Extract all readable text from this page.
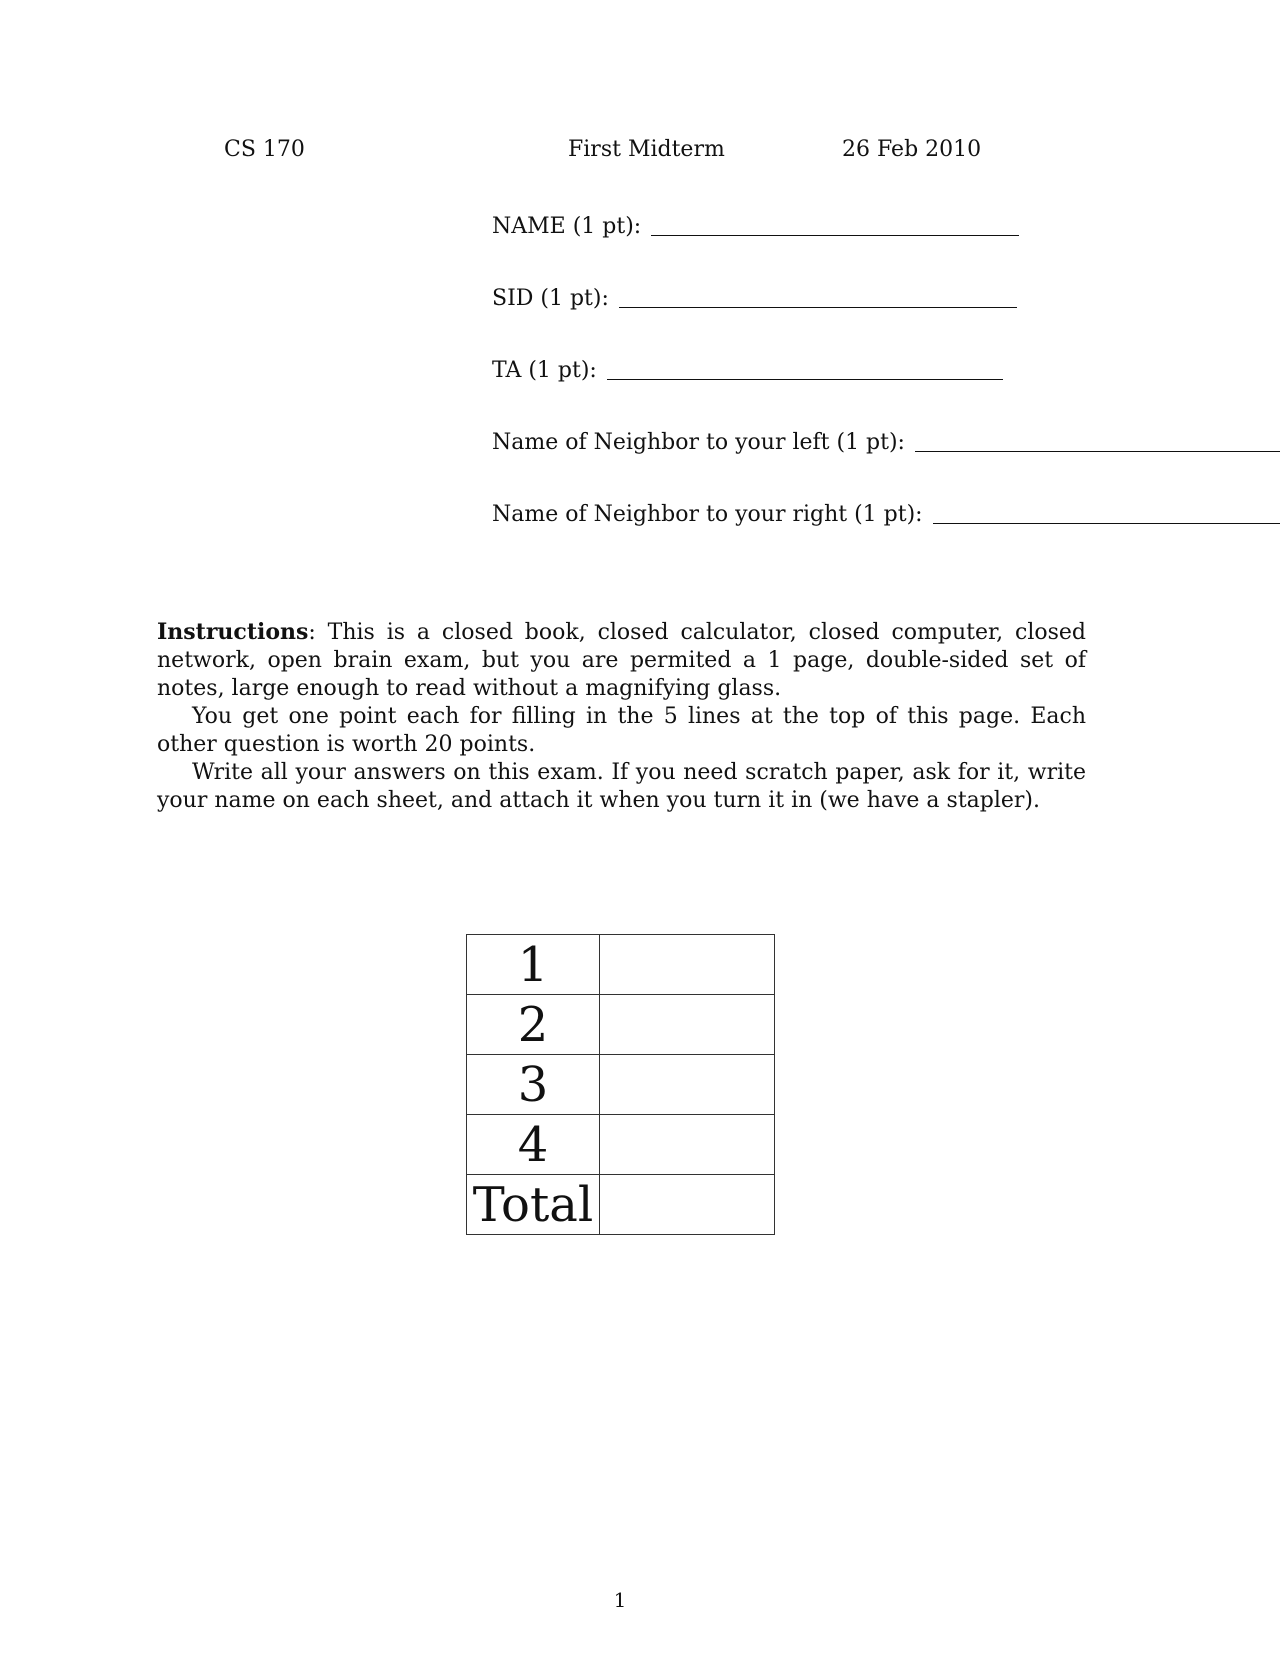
CS 170	First Midterm	26 Feb 2010
NAME (1 pt):
SID (1 pt):
TA (1 pt):
Name of Neighbor to your left (1 pt):
Name of Neighbor to your right (1 pt):

Instructions: This is a closed book, closed calculator, closed computer, closed network, open brain exam, but you are permited a 1 page, double-sided set of notes, large enough to read without a magnifying glass.

You get one point each for filling in the 5 lines at the top of this page. Each other question is worth 20 points.

Write all your answers on this exam. If you need scratch paper, ask for it, write your name on each sheet, and attach it when you turn it in (we have a stapler).

1	
2	
3	
4	
Total	
1
